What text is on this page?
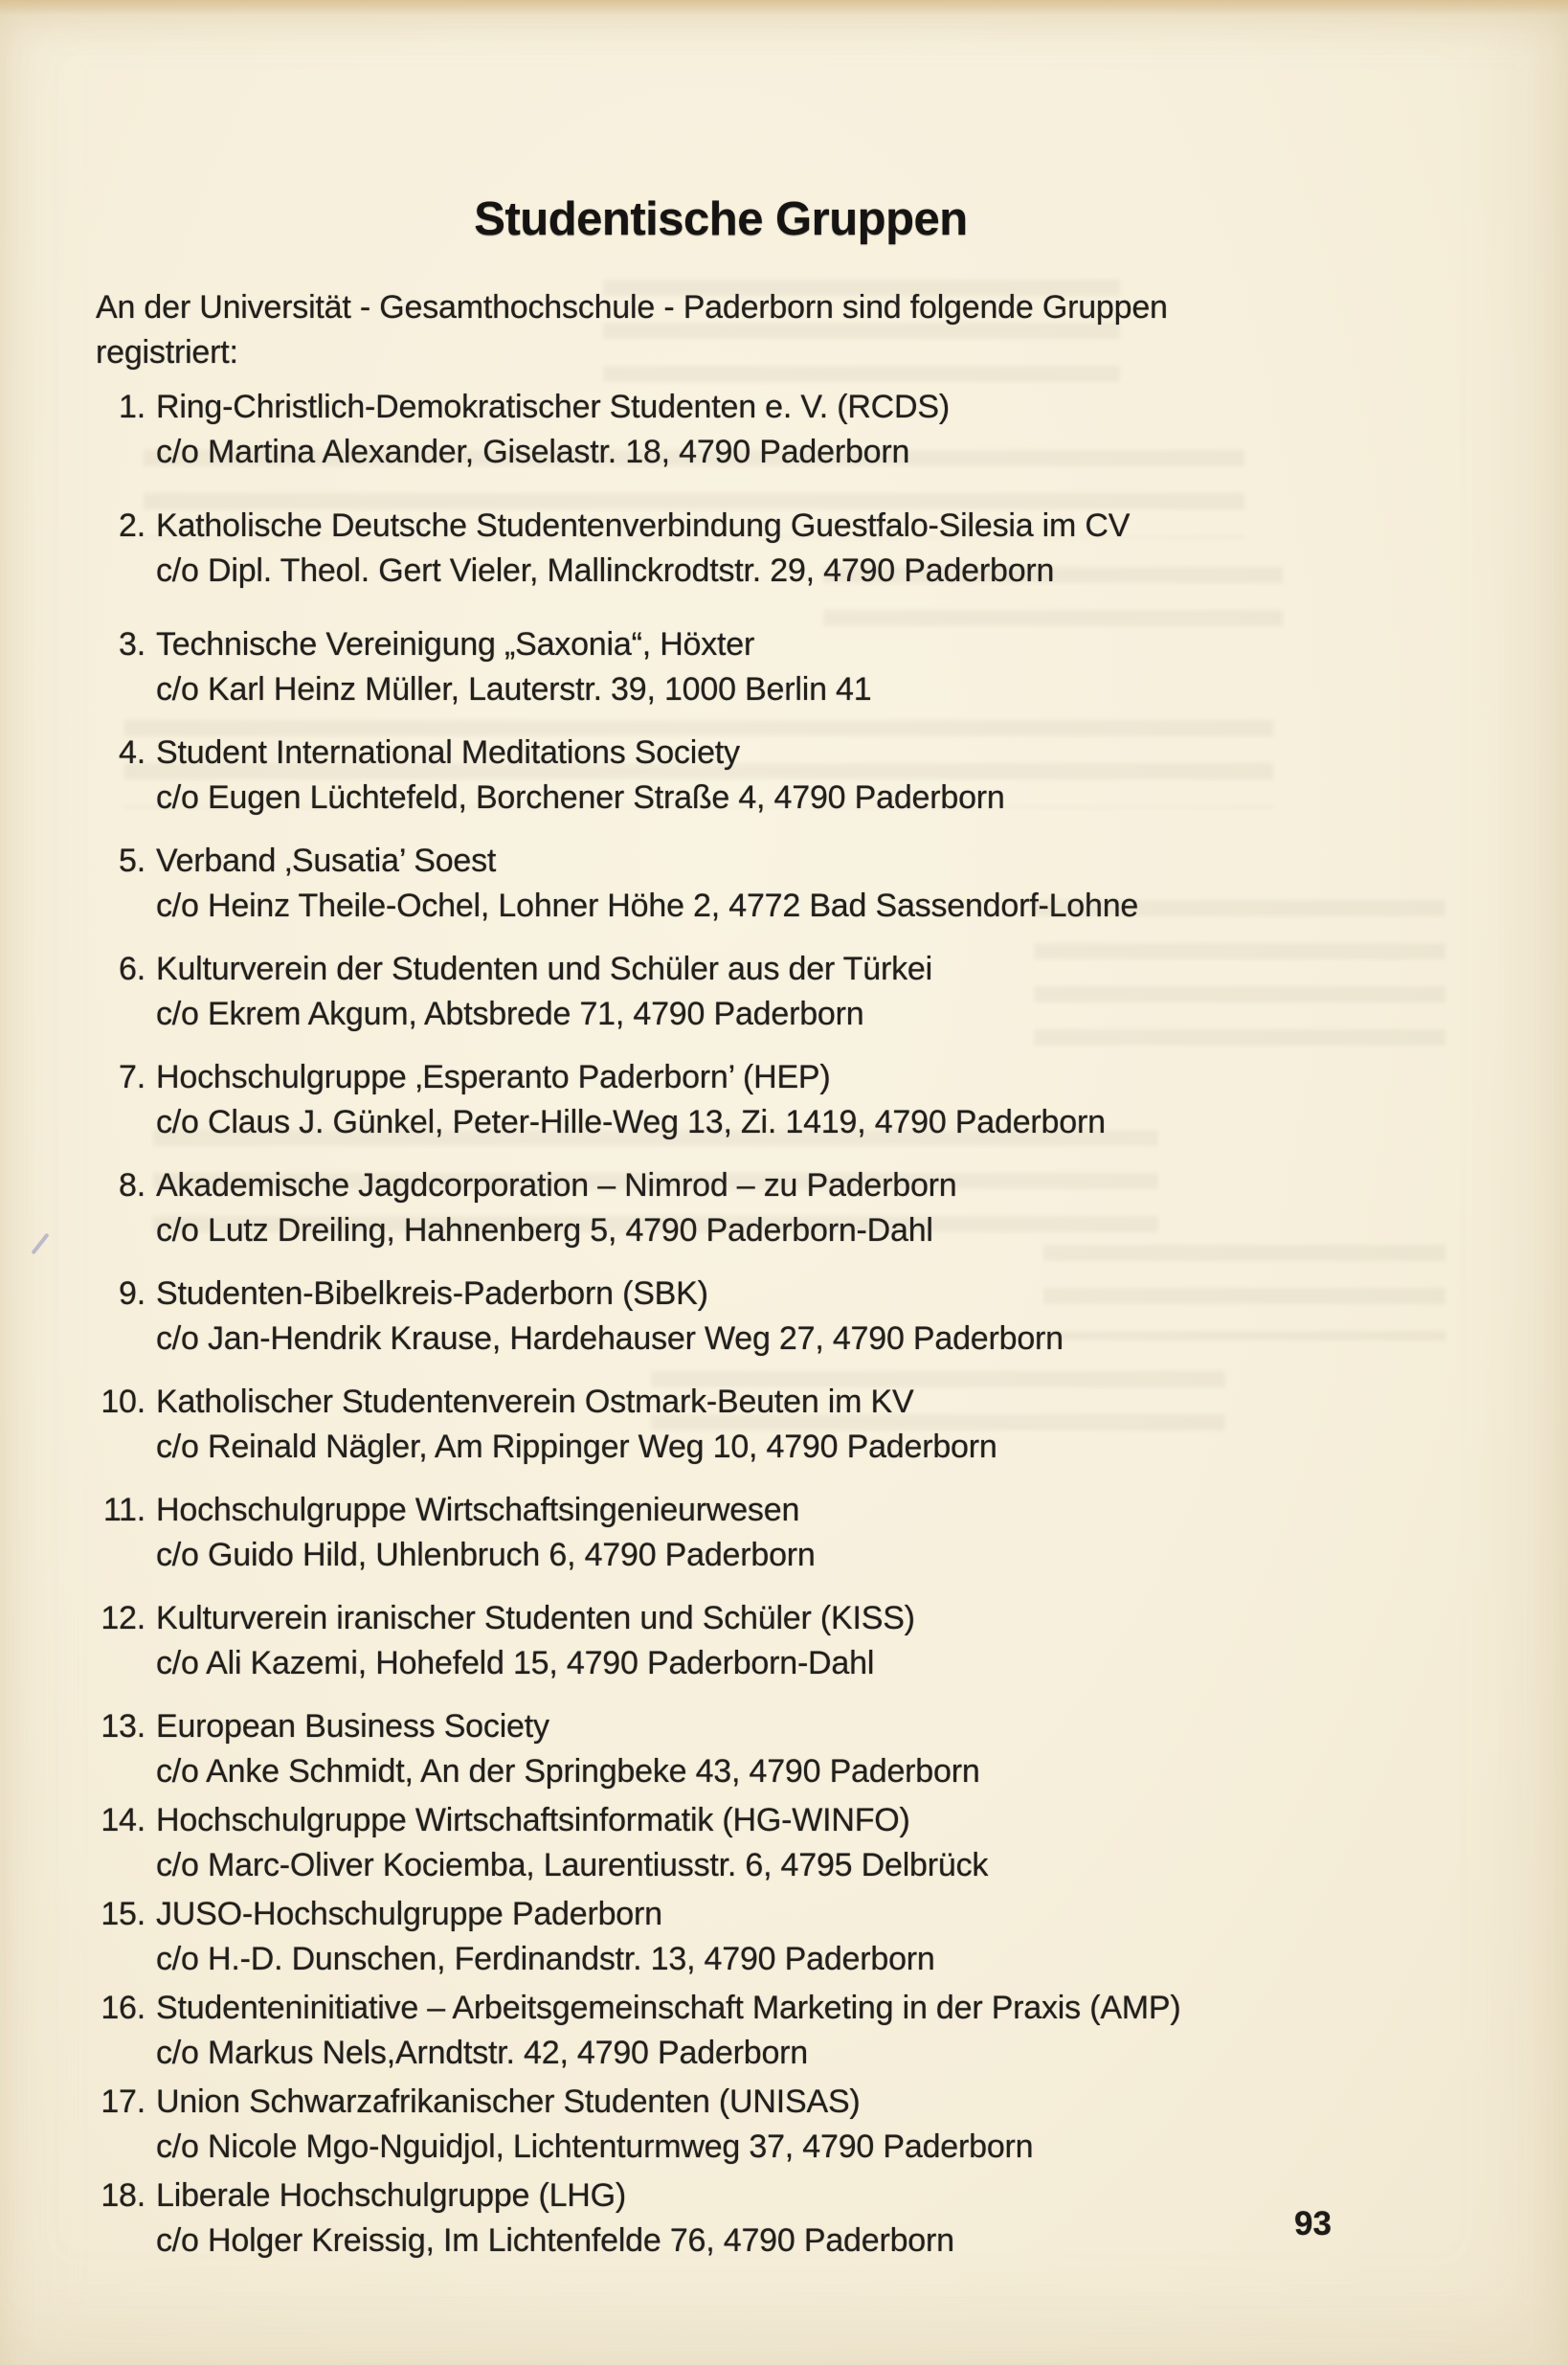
Studentische Gruppen
An der Universität - Gesamthochschule - Paderborn sind folgende Gruppen
registriert:
1. Ring-Christlich-Demokratischer Studenten e. V. (RCDS)
c/o Martina Alexander, Giselastr. 18, 4790 Paderborn
2. Katholische Deutsche Studentenverbindung Guestfalo-Silesia im CV
c/o Dipl. Theol. Gert Vieler, Mallinckrodtstr. 29, 4790 Paderborn
3. Technische Vereinigung „Saxonia“, Höxter
c/o Karl Heinz Müller, Lauterstr. 39, 1000 Berlin 41
4. Student International Meditations Society
c/o Eugen Lüchtefeld, Borchener Straße 4, 4790 Paderborn
5. Verband ‚Susatia’ Soest
c/o Heinz Theile-Ochel, Lohner Höhe 2, 4772 Bad Sassendorf-Lohne
6. Kulturverein der Studenten und Schüler aus der Türkei
c/o Ekrem Akgum, Abtsbrede 71, 4790 Paderborn
7. Hochschulgruppe ‚Esperanto Paderborn’ (HEP)
c/o Claus J. Günkel, Peter-Hille-Weg 13, Zi. 1419, 4790 Paderborn
8. Akademische Jagdcorporation – Nimrod – zu Paderborn
c/o Lutz Dreiling, Hahnenberg 5, 4790 Paderborn-Dahl
9. Studenten-Bibelkreis-Paderborn (SBK)
c/o Jan-Hendrik Krause, Hardehauser Weg 27, 4790 Paderborn
10. Katholischer Studentenverein Ostmark-Beuten im KV
c/o Reinald Nägler, Am Rippinger Weg 10, 4790 Paderborn
11. Hochschulgruppe Wirtschaftsingenieurwesen
c/o Guido Hild, Uhlenbruch 6, 4790 Paderborn
12. Kulturverein iranischer Studenten und Schüler (KISS)
c/o Ali Kazemi, Hohefeld 15, 4790 Paderborn-Dahl
13. European Business Society
c/o Anke Schmidt, An der Springbeke 43, 4790 Paderborn
14. Hochschulgruppe Wirtschaftsinformatik (HG-WINFO)
c/o Marc-Oliver Kociemba, Laurentiusstr. 6, 4795 Delbrück
15. JUSO-Hochschulgruppe Paderborn
c/o H.-D. Dunschen, Ferdinandstr. 13, 4790 Paderborn
16. Studenteninitiative – Arbeitsgemeinschaft Marketing in der Praxis (AMP)
c/o Markus Nels,Arndtstr. 42, 4790 Paderborn
17. Union Schwarzafrikanischer Studenten (UNISAS)
c/o Nicole Mgo-Nguidjol, Lichtenturmweg 37, 4790 Paderborn
18. Liberale Hochschulgruppe (LHG)
c/o Holger Kreissig, Im Lichtenfelde 76, 4790 Paderborn	93
